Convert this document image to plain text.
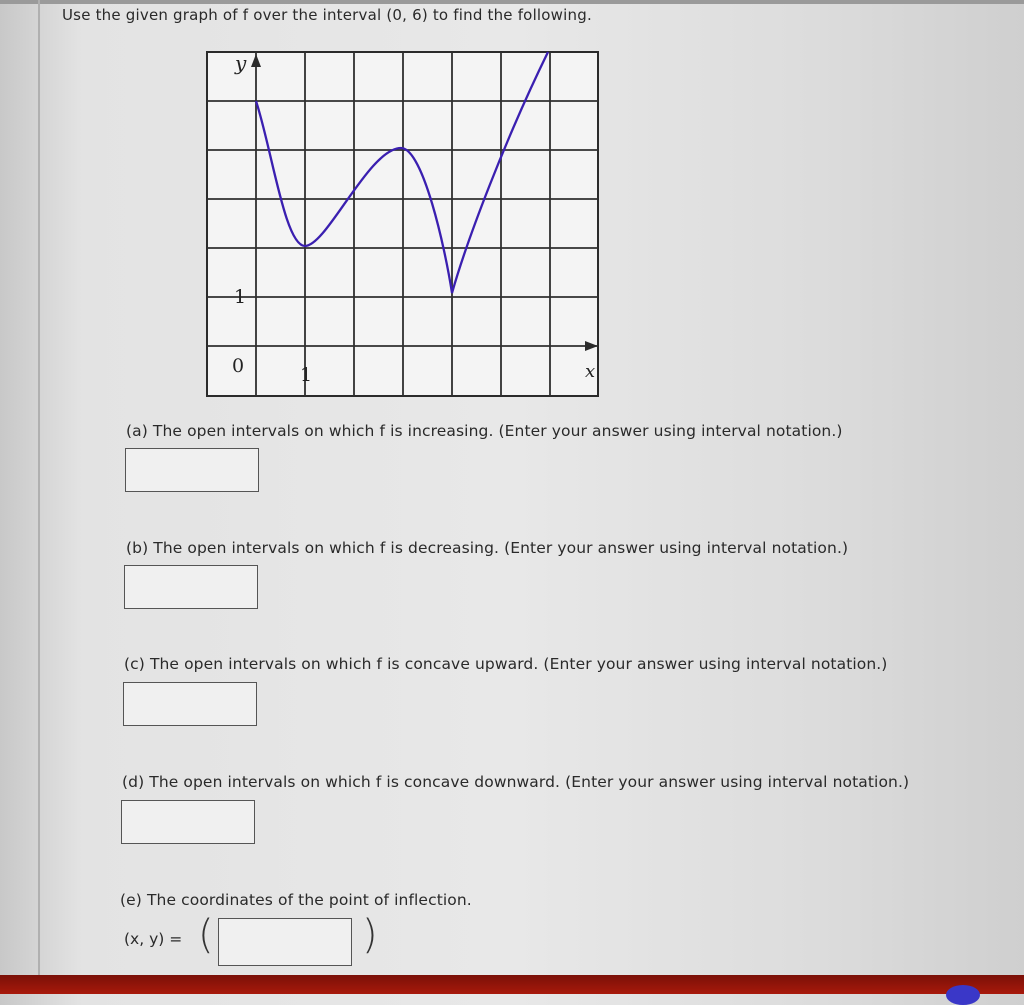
Use the given graph of f over the interval (0, 6) to find the following.
y
x
1
0	1
(a) The open intervals on which f is increasing. (Enter your answer using interval notation.)
(b) The open intervals on which f is decreasing. (Enter your answer using interval notation.)
(c) The open intervals on which f is concave upward. (Enter your answer using interval notation.)
(d) The open intervals on which f is concave downward. (Enter your answer using interval notation.)
(e) The coordinates of the point of inflection.
(x, y) = (	)
